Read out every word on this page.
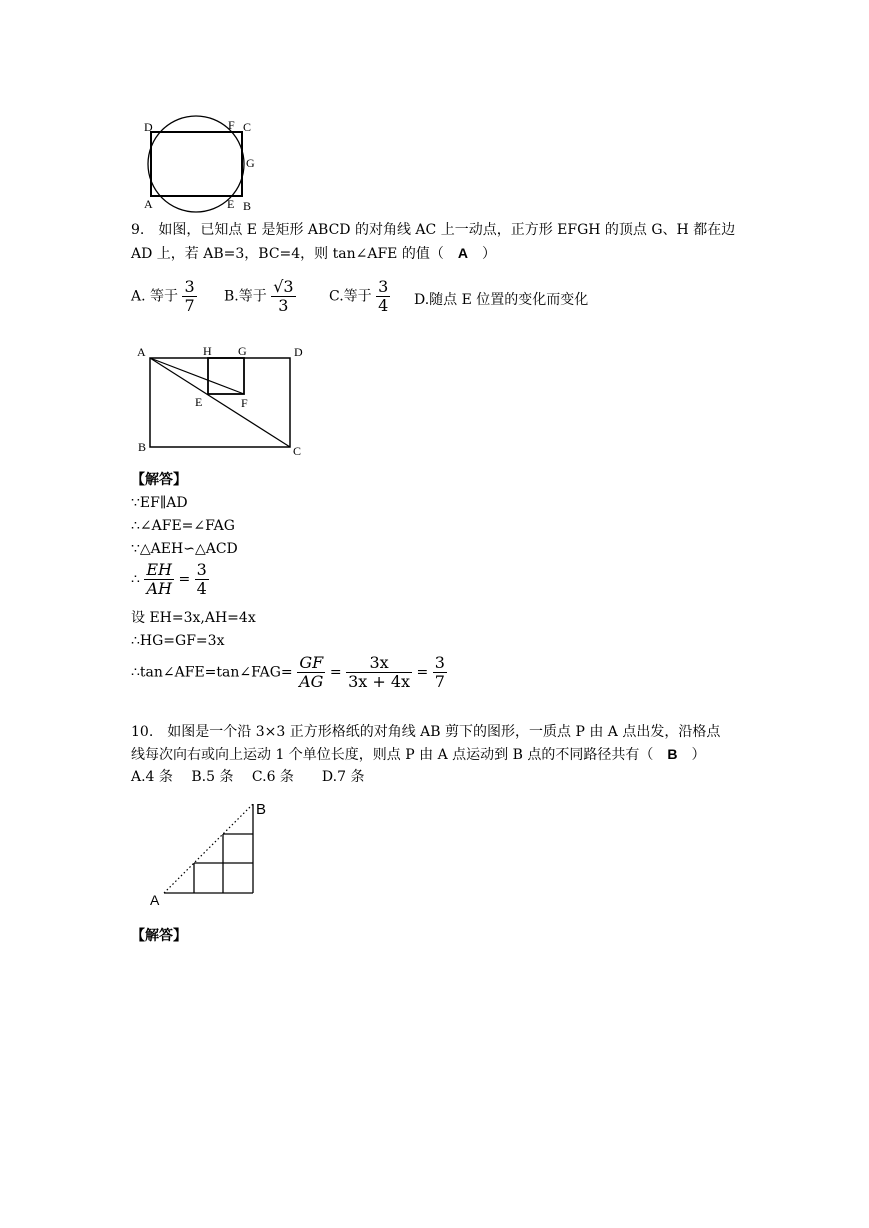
D	F C
G
A	E B
9.　如图，已知点 E 是矩形 ABCD 的对角线 AC 上一动点，正方形 EFGH 的顶点 G、H 都在边
AD 上，若 AB=3，BC=4，则 tan∠AFE 的值（ A ）
A. 等于 $\frac{3}{7} B$.等于 $\frac{√3}{3} C$.等于 $\frac{3}{4} D$.随点 E 位置的变化而变化
A	H G	D
E	F
B	C
【解答】
∵EF∥AD
∴∠AFE=∠FAG
∵△AEH∽△ACD
∴ $\frac{EH}{AH} = \frac{3}{4}$
设 EH=3x,AH=4x
∴HG=GF=3x
∴tan∠AFE=tan∠FAG= $\frac{GF}{AG} = \frac{3x}{3x + 4x} = \frac{3}{7}$
10.　如图是一个沿 3×3 正方形格纸的对角线 AB 剪下的图形，一质点 P 由 A 点出发，沿格点
线每次向右或向上运动 1 个单位长度，则点 P 由 A 点运动到 B 点的不同路径共有（ B ）
A.4 条　 B.5 条　 C.6 条　　D.7 条
A
B
【解答】
